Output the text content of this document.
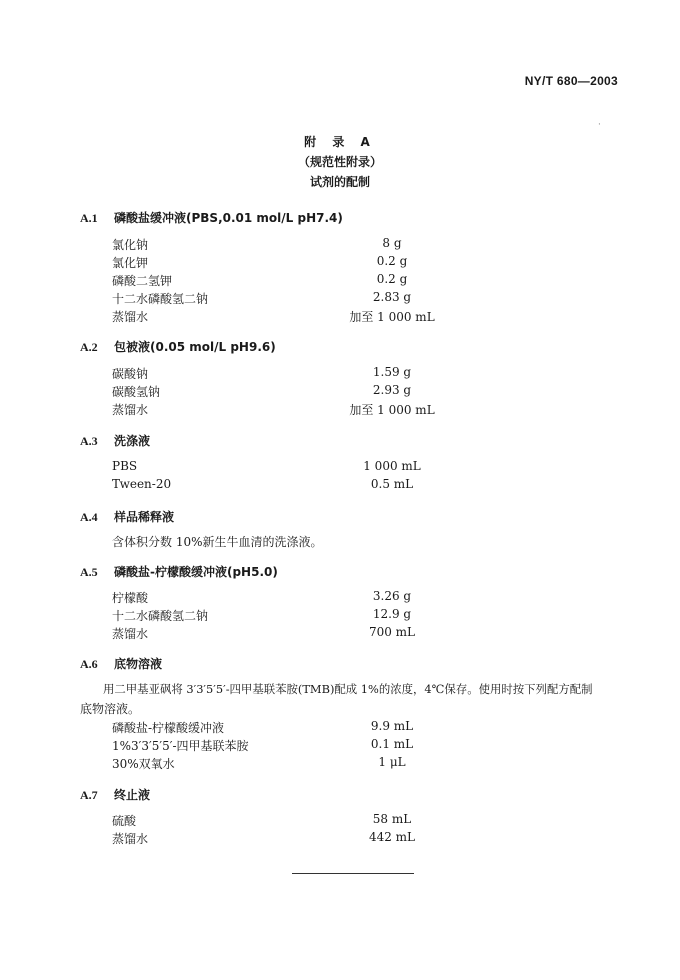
NY/T 680—2003
·
附 录 A
（规范性附录）
试剂的配制
A.1 磷酸盐缓冲液(PBS,0.01 mol/L pH7.4)
氯化钠	8 g
氯化钾	0.2 g
磷酸二氢钾	0.2 g
十二水磷酸氢二钠	2.83 g
蒸馏水	加至 1 000 mL
A.2 包被液(0.05 mol/L pH9.6)
碳酸钠	1.59 g
碳酸氢钠	2.93 g
蒸馏水	加至 1 000 mL
A.3 洗涤液
PBS	1 000 mL
Tween-20	0.5 mL
A.4 样品稀释液
含体积分数 10%新生牛血清的洗涤液。
A.5 磷酸盐-柠檬酸缓冲液(pH5.0)
柠檬酸	3.26 g
十二水磷酸氢二钠	12.9 g
蒸馏水	700 mL
A.6 底物溶液
用二甲基亚砜将 3′3′5′5′-四甲基联苯胺(TMB)配成 1%的浓度，4℃保存。使用时按下列配方配制
底物溶液。
磷酸盐-柠檬酸缓冲液	9.9 mL
1%3′3′5′5′-四甲基联苯胺	0.1 mL
30%双氧水	1 μL
A.7 终止液
硫酸	58 mL
蒸馏水	442 mL
